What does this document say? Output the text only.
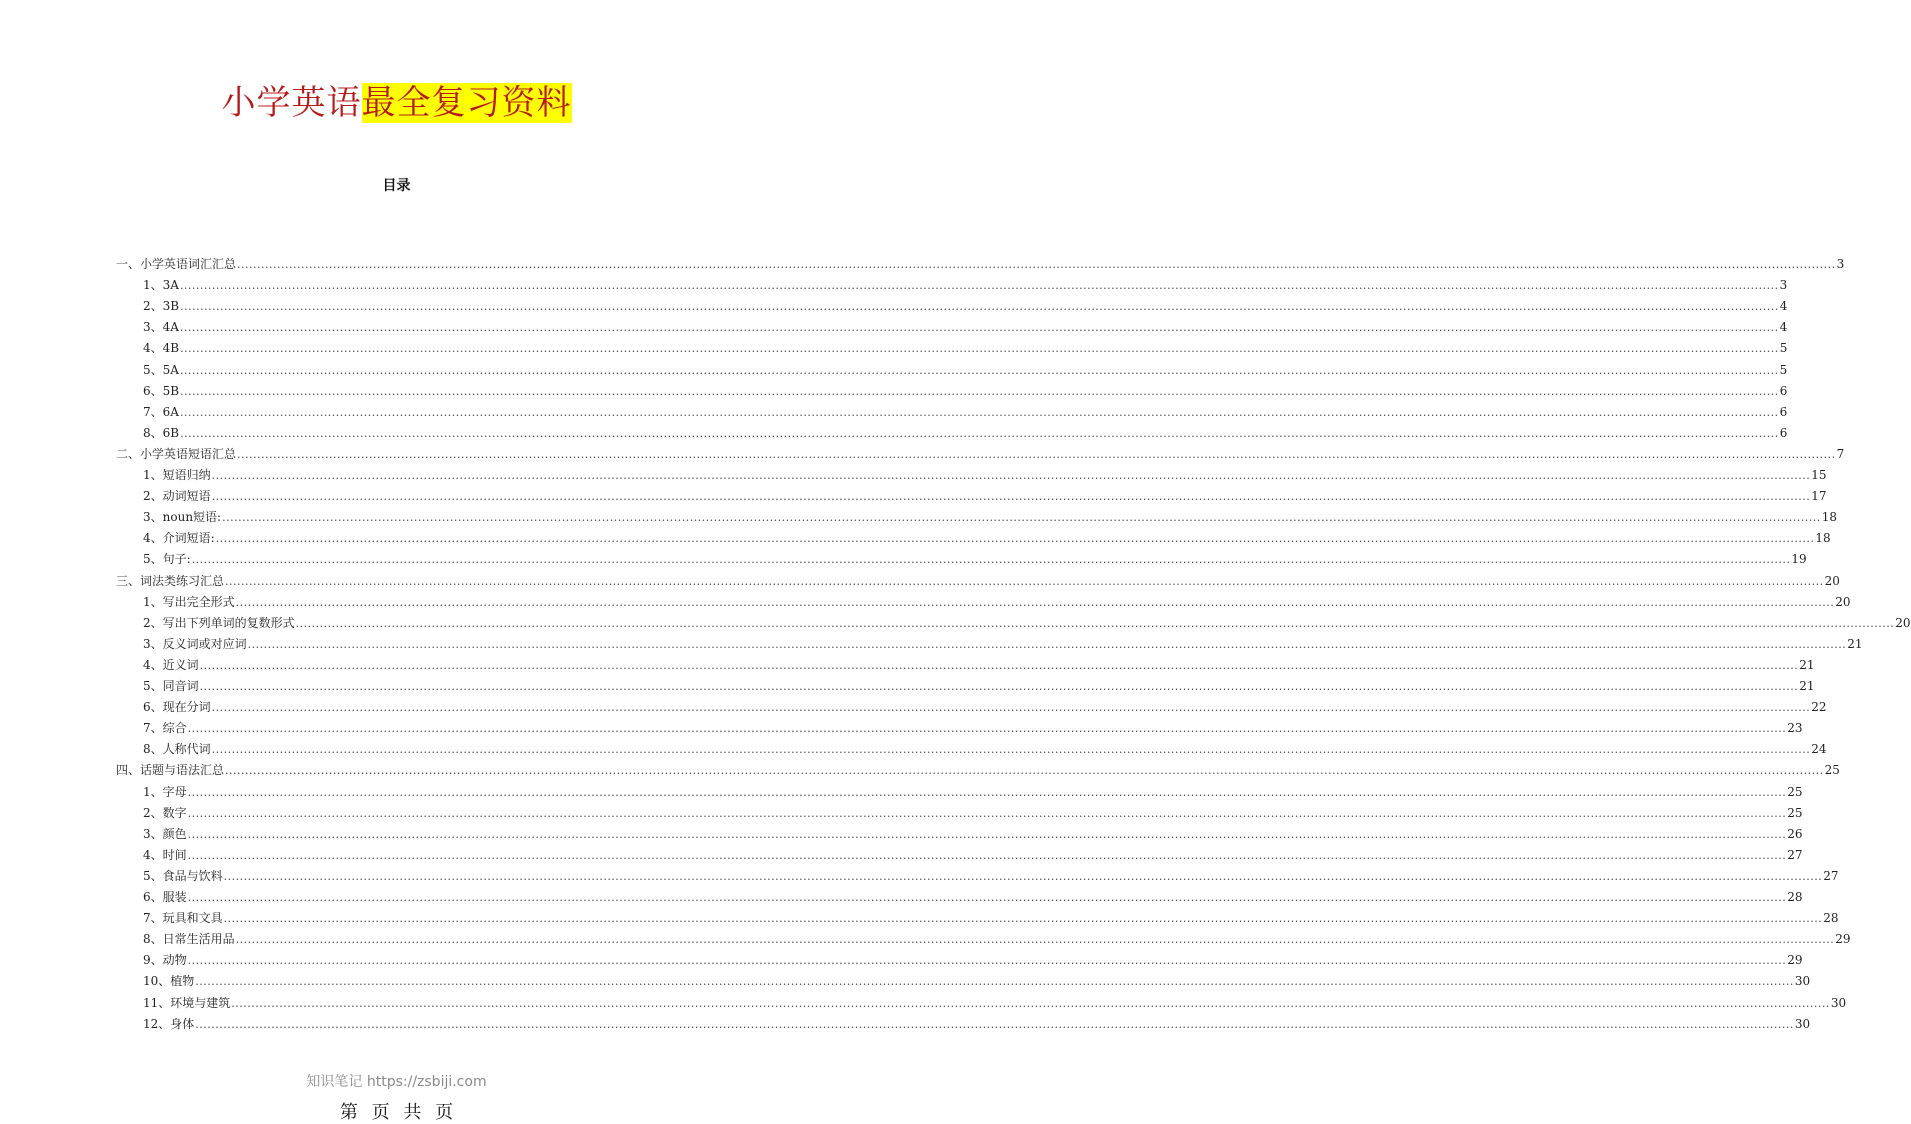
小学英语最全复习资料
目录
一、小学英语词汇汇总 ................................................................................................................................................................................................................................................................................................................................................................................................................ 3
1、3A ................................................................................................................................................................................................................................................................................................................................................................................................................ 3
2、3B ................................................................................................................................................................................................................................................................................................................................................................................................................ 4
3、4A ................................................................................................................................................................................................................................................................................................................................................................................................................ 4
4、4B ................................................................................................................................................................................................................................................................................................................................................................................................................ 5
5、5A ................................................................................................................................................................................................................................................................................................................................................................................................................ 5
6、5B ................................................................................................................................................................................................................................................................................................................................................................................................................ 6
7、6A ................................................................................................................................................................................................................................................................................................................................................................................................................ 6
8、6B ................................................................................................................................................................................................................................................................................................................................................................................................................ 6
二、小学英语短语汇总 ................................................................................................................................................................................................................................................................................................................................................................................................................ 7
1、短语归纳 ................................................................................................................................................................................................................................................................................................................................................................................................................ 15
2、动词短语 ................................................................................................................................................................................................................................................................................................................................................................................................................ 17
3、noun短语: ................................................................................................................................................................................................................................................................................................................................................................................................................ 18
4、介词短语: ................................................................................................................................................................................................................................................................................................................................................................................................................ 18
5、句子: ................................................................................................................................................................................................................................................................................................................................................................................................................ 19
三、词法类练习汇总 ................................................................................................................................................................................................................................................................................................................................................................................................................ 20
1、写出完全形式 ................................................................................................................................................................................................................................................................................................................................................................................................................ 20
2、写出下列单词的复数形式 ................................................................................................................................................................................................................................................................................................................................................................................................................ 20
3、反义词或对应词 ................................................................................................................................................................................................................................................................................................................................................................................................................ 21
4、近义词 ................................................................................................................................................................................................................................................................................................................................................................................................................ 21
5、同音词 ................................................................................................................................................................................................................................................................................................................................................................................................................ 21
6、现在分词 ................................................................................................................................................................................................................................................................................................................................................................................................................ 22
7、综合 ................................................................................................................................................................................................................................................................................................................................................................................................................ 23
8、人称代词 ................................................................................................................................................................................................................................................................................................................................................................................................................ 24
四、话题与语法汇总 ................................................................................................................................................................................................................................................................................................................................................................................................................ 25
1、字母 ................................................................................................................................................................................................................................................................................................................................................................................................................ 25
2、数字 ................................................................................................................................................................................................................................................................................................................................................................................................................ 25
3、颜色 ................................................................................................................................................................................................................................................................................................................................................................................................................ 26
4、时间 ................................................................................................................................................................................................................................................................................................................................................................................................................ 27
5、食品与饮料 ................................................................................................................................................................................................................................................................................................................................................................................................................ 27
6、服装 ................................................................................................................................................................................................................................................................................................................................................................................................................ 28
7、玩具和文具 ................................................................................................................................................................................................................................................................................................................................................................................................................ 28
8、日常生活用品 ................................................................................................................................................................................................................................................................................................................................................................................................................ 29
9、动物 ................................................................................................................................................................................................................................................................................................................................................................................................................ 29
10、植物 ................................................................................................................................................................................................................................................................................................................................................................................................................ 30
11、环境与建筑 ................................................................................................................................................................................................................................................................................................................................................................................................................ 30
12、身体 ................................................................................................................................................................................................................................................................................................................................................................................................................ 30
知识笔记 https://zsbiji.com
第 页 共 页
